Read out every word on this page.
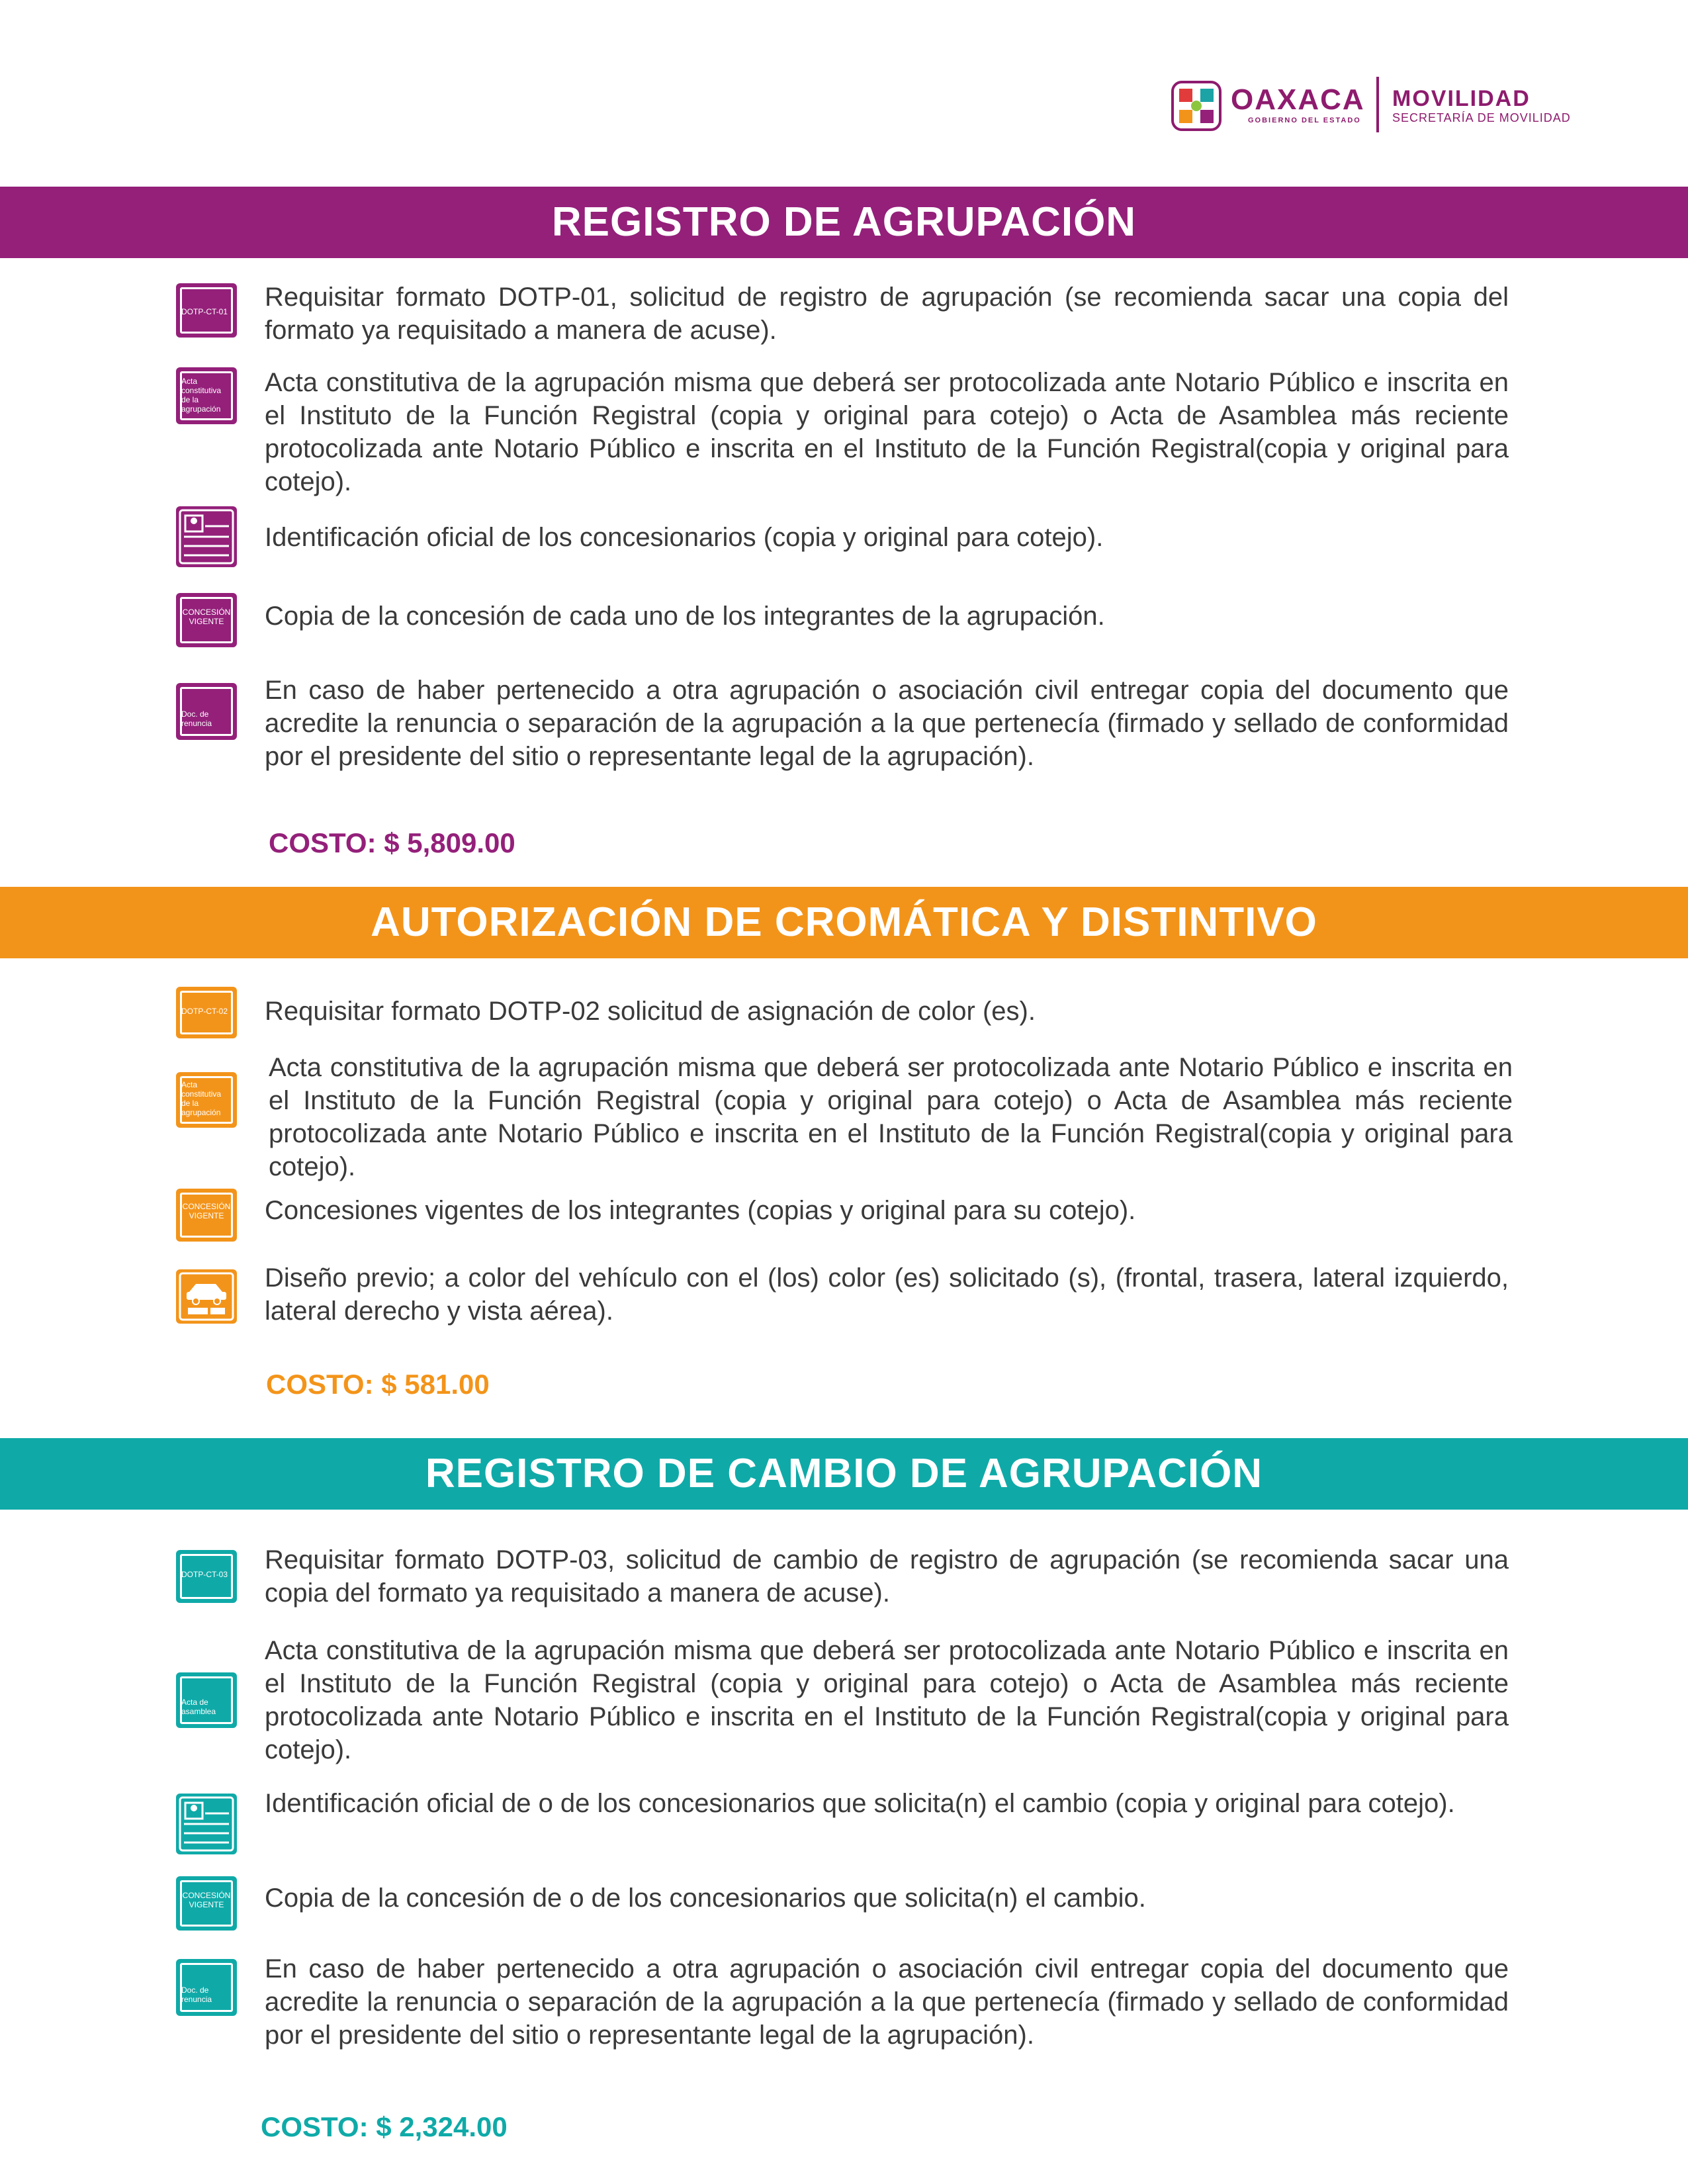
OAXACA
GOBIERNO DEL ESTADO
MOVILIDAD
SECRETARÍA DE MOVILIDAD
REGISTRO DE AGRUPACIÓN
DOTP-CT-01 Requisitar formato DOTP-01, solicitud de registro de agrupación (se recomienda sacar una copia del formato ya requisitado a manera de acuse).
Acta constitutiva de la agrupación
Acta constitutiva de la agrupación misma que deberá ser protocolizada ante Notario Público e inscrita en el Instituto de la Función Registral (copia y original para cotejo) o Acta de Asamblea más reciente protocolizada ante Notario Público e inscrita en el Instituto de la Función Registral(copia y original para cotejo).
Identificación oficial de los concesionarios (copia y original para cotejo).
CONCESIÓN VIGENTE Copia de la concesión de cada uno de los integrantes de la agrupación.
Doc. de renuncia
En caso de haber pertenecido a otra agrupación o asociación civil entregar copia del documento que acredite la renuncia o separación de la agrupación a la que pertenecía (firmado y sellado de conformidad por el presidente del sitio o representante legal de la agrupación).
COSTO: $ 5,809.00
AUTORIZACIÓN DE CROMÁTICA Y DISTINTIVO
DOTP-CT-02 Requisitar formato DOTP-02 solicitud de asignación de color (es).
Acta constitutiva de la agrupación
Acta constitutiva de la agrupación misma que deberá ser protocolizada ante Notario Público e inscrita en el Instituto de la Función Registral (copia y original para cotejo) o Acta de Asamblea más reciente protocolizada ante Notario Público e inscrita en el Instituto de la Función Registral(copia y original para cotejo).
CONCESIÓN VIGENTE Concesiones vigentes de los integrantes (copias y original para su cotejo).
Diseño previo; a color del vehículo con el (los) color (es) solicitado (s), (frontal, trasera, lateral izquierdo, lateral derecho y vista aérea).
COSTO: $ 581.00
REGISTRO DE CAMBIO DE AGRUPACIÓN
DOTP-CT-03 Requisitar formato DOTP-03, solicitud de cambio de registro de agrupación (se recomienda sacar una copia del formato ya requisitado a manera de acuse).
Acta de asamblea
Acta constitutiva de la agrupación misma que deberá ser protocolizada ante Notario Público e inscrita en el Instituto de la Función Registral (copia y original para cotejo) o Acta de Asamblea más reciente protocolizada ante Notario Público e inscrita en el Instituto de la Función Registral(copia y original para cotejo).
Identificación oficial de o de los concesionarios que solicita(n) el cambio (copia y original para cotejo).
CONCESIÓN VIGENTE Copia de la concesión de o de los concesionarios que solicita(n) el cambio.
Doc. de renuncia
En caso de haber pertenecido a otra agrupación o asociación civil entregar copia del documento que acredite la renuncia o separación de la agrupación a la que pertenecía (firmado y sellado de conformidad por el presidente del sitio o representante legal de la agrupación).
COSTO: $ 2,324.00
